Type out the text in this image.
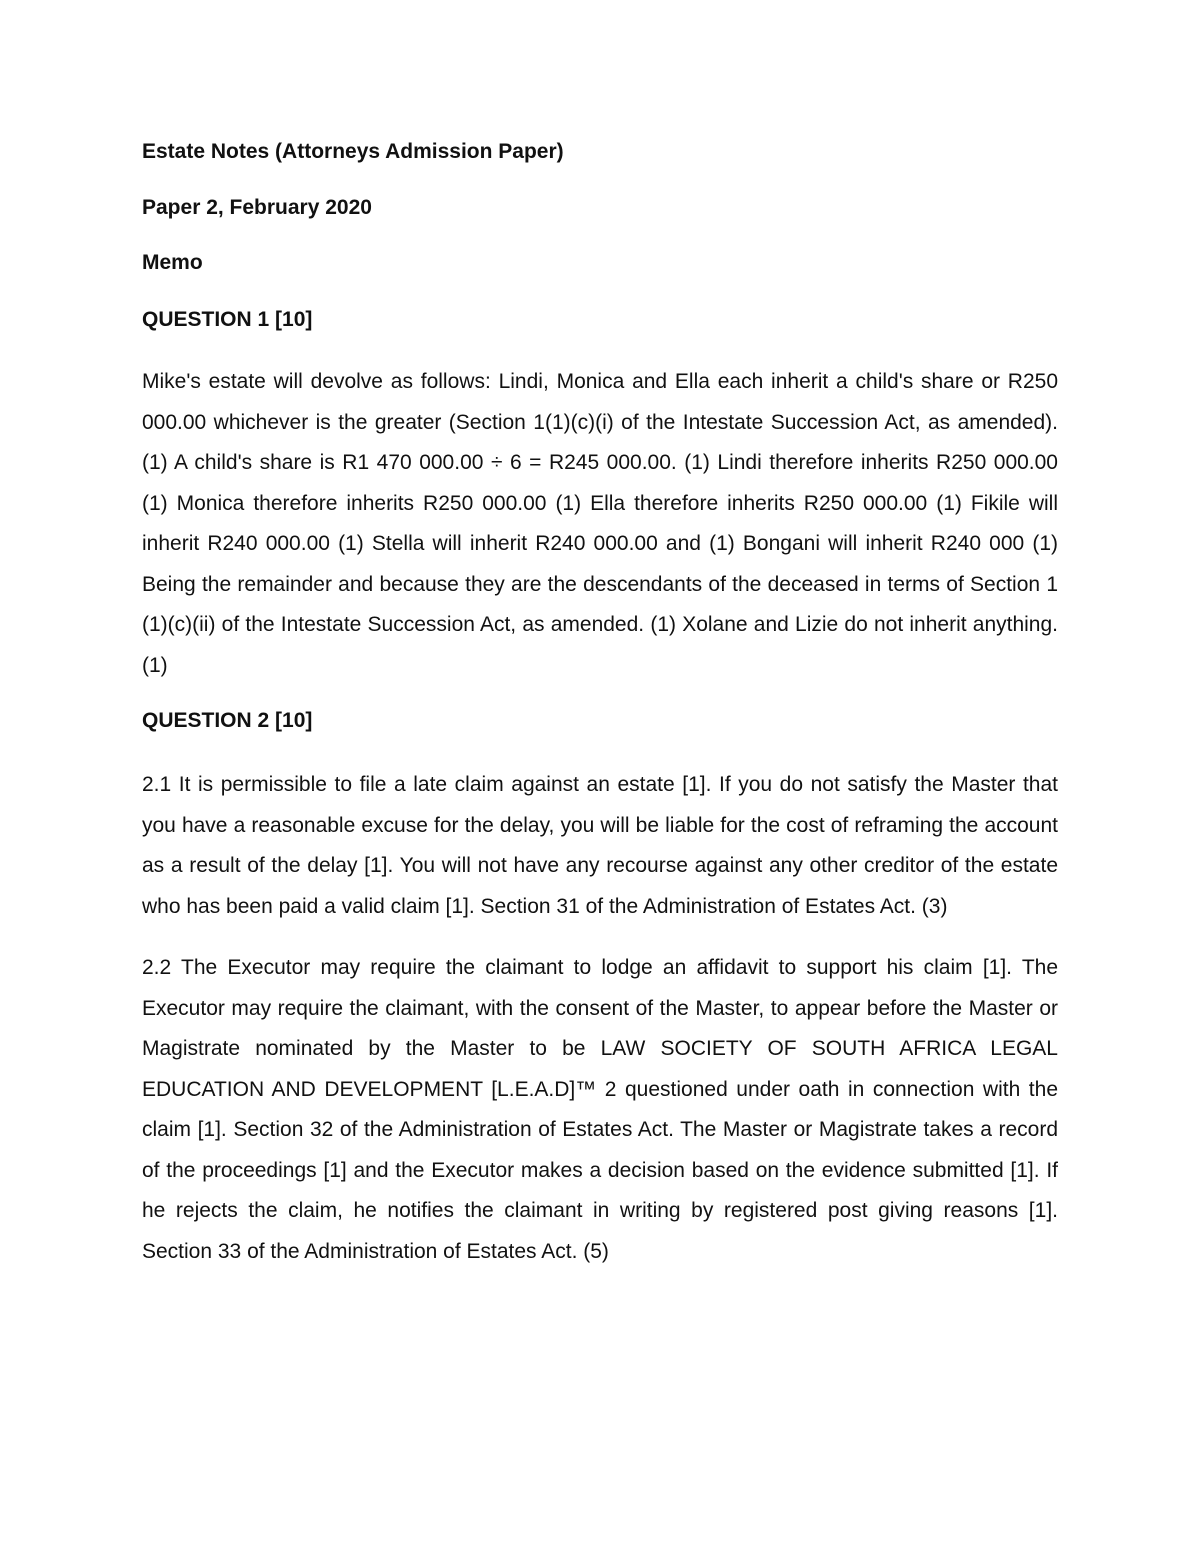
Estate Notes (Attorneys Admission Paper)

Paper 2, February 2020

Memo

QUESTION 1 [10]

Mike's estate will devolve as follows: Lindi, Monica and Ella each inherit a child's share or R250 000.00 whichever is the greater (Section 1(1)(c)(i) of the Intestate Succession Act, as amended). (1) A child's share is R1 470 000.00 ÷ 6 = R245 000.00. (1) Lindi therefore inherits R250 000.00 (1) Monica therefore inherits R250 000.00 (1) Ella therefore inherits R250 000.00 (1) Fikile will inherit R240 000.00 (1) Stella will inherit R240 000.00 and (1) Bongani will inherit R240 000 (1) Being the remainder and because they are the descendants of the deceased in terms of Section 1 (1)(c)(ii) of the Intestate Succession Act, as amended. (1) Xolane and Lizie do not inherit anything. (1)

QUESTION 2 [10]

2.1 It is permissible to file a late claim against an estate [1]. If you do not satisfy the Master that you have a reasonable excuse for the delay, you will be liable for the cost of reframing the account as a result of the delay [1]. You will not have any recourse against any other creditor of the estate who has been paid a valid claim [1]. Section 31 of the Administration of Estates Act. (3)

2.2 The Executor may require the claimant to lodge an affidavit to support his claim [1]. The Executor may require the claimant, with the consent of the Master, to appear before the Master or Magistrate nominated by the Master to be LAW SOCIETY OF SOUTH AFRICA LEGAL EDUCATION AND DEVELOPMENT [L.E.A.D]™ 2 questioned under oath in connection with the claim [1]. Section 32 of the Administration of Estates Act. The Master or Magistrate takes a record of the proceedings [1] and the Executor makes a decision based on the evidence submitted [1]. If he rejects the claim, he notifies the claimant in writing by registered post giving reasons [1]. Section 33 of the Administration of Estates Act. (5)
